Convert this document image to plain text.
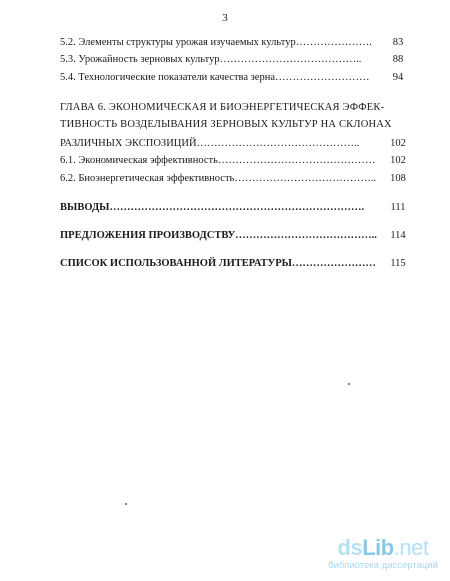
3
5.2. Элементы структуры урожая изучаемых культур………………….	83
5.3. Урожайность зерновых культур…………………………………..	88
5.4. Технологические показатели качества зерна………………………	94
ГЛАВА 6. ЭКОНОМИЧЕСКАЯ И БИОЭНЕРГЕТИЧЕСКАЯ ЭФФЕК-
ТИВНОСТЬ ВОЗДЕЛЫВАНИЯ ЗЕРНОВЫХ КУЛЬТУР НА СКЛОНАХ
РАЗЛИЧНЫХ ЭКСПОЗИЦИЙ………………………………………..	102
6.1. Экономическая эффективность………………………………………	102
6.2. Биоэнергетическая эффективность…………………………………..	108
ВЫВОДЫ……………………………………………………………….	111
ПРЕДЛОЖЕНИЯ ПРОИЗВОДСТВУ…………………………………..	114
СПИСОК ИСПОЛЬЗОВАННОЙ ЛИТЕРАТУРЫ……………………	115
dsLib.net
библиотека диссертаций
